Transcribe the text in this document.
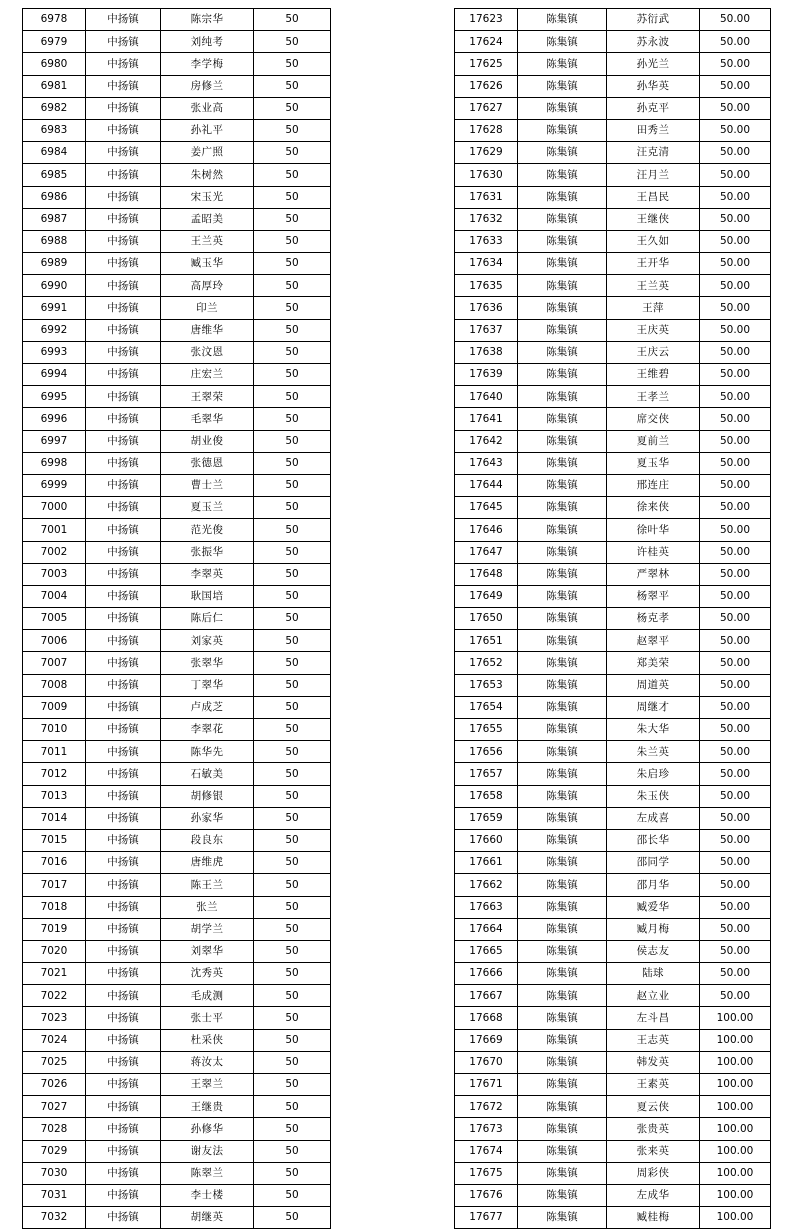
6978	中扬镇	陈宗华	50
6979	中扬镇	刘纯考	50
6980	中扬镇	李学梅	50
6981	中扬镇	房修兰	50
6982	中扬镇	张业高	50
6983	中扬镇	孙礼平	50
6984	中扬镇	姜广照	50
6985	中扬镇	朱树然	50
6986	中扬镇	宋玉光	50
6987	中扬镇	孟昭美	50
6988	中扬镇	王兰英	50
6989	中扬镇	臧玉华	50
6990	中扬镇	高厚玲	50
6991	中扬镇	印兰	50
6992	中扬镇	唐维华	50
6993	中扬镇	张汶恩	50
6994	中扬镇	庄宏兰	50
6995	中扬镇	王翠荣	50
6996	中扬镇	毛翠华	50
6997	中扬镇	胡业俊	50
6998	中扬镇	张德恩	50
6999	中扬镇	曹士兰	50
7000	中扬镇	夏玉兰	50
7001	中扬镇	范光俊	50
7002	中扬镇	张振华	50
7003	中扬镇	李翠英	50
7004	中扬镇	耿国培	50
7005	中扬镇	陈后仁	50
7006	中扬镇	刘家英	50
7007	中扬镇	张翠华	50
7008	中扬镇	丁翠华	50
7009	中扬镇	卢成芝	50
7010	中扬镇	李翠花	50
7011	中扬镇	陈华先	50
7012	中扬镇	石敏美	50
7013	中扬镇	胡修银	50
7014	中扬镇	孙家华	50
7015	中扬镇	段良东	50
7016	中扬镇	唐维虎	50
7017	中扬镇	陈王兰	50
7018	中扬镇	张兰	50
7019	中扬镇	胡学兰	50
7020	中扬镇	刘翠华	50
7021	中扬镇	沈秀英	50
7022	中扬镇	毛成测	50
7023	中扬镇	张士平	50
7024	中扬镇	杜采侠	50
7025	中扬镇	蒋汝太	50
7026	中扬镇	王翠兰	50
7027	中扬镇	王继贵	50
7028	中扬镇	孙修华	50
7029	中扬镇	谢友法	50
7030	中扬镇	陈翠兰	50
7031	中扬镇	李士楼	50
7032	中扬镇	胡继英	50
17623	陈集镇	苏衍武	50.00
17624	陈集镇	苏永波	50.00
17625	陈集镇	孙光兰	50.00
17626	陈集镇	孙华英	50.00
17627	陈集镇	孙克平	50.00
17628	陈集镇	田秀兰	50.00
17629	陈集镇	汪克清	50.00
17630	陈集镇	汪月兰	50.00
17631	陈集镇	王昌民	50.00
17632	陈集镇	王继侠	50.00
17633	陈集镇	王久如	50.00
17634	陈集镇	王开华	50.00
17635	陈集镇	王兰英	50.00
17636	陈集镇	王萍	50.00
17637	陈集镇	王庆英	50.00
17638	陈集镇	王庆云	50.00
17639	陈集镇	王维碧	50.00
17640	陈集镇	王孝兰	50.00
17641	陈集镇	席交侠	50.00
17642	陈集镇	夏前兰	50.00
17643	陈集镇	夏玉华	50.00
17644	陈集镇	邢连庄	50.00
17645	陈集镇	徐来侠	50.00
17646	陈集镇	徐叶华	50.00
17647	陈集镇	许桂英	50.00
17648	陈集镇	严翠林	50.00
17649	陈集镇	杨翠平	50.00
17650	陈集镇	杨克孝	50.00
17651	陈集镇	赵翠平	50.00
17652	陈集镇	郑美荣	50.00
17653	陈集镇	周道英	50.00
17654	陈集镇	周继才	50.00
17655	陈集镇	朱大华	50.00
17656	陈集镇	朱兰英	50.00
17657	陈集镇	朱启珍	50.00
17658	陈集镇	朱玉侠	50.00
17659	陈集镇	左成喜	50.00
17660	陈集镇	邵长华	50.00
17661	陈集镇	邵同学	50.00
17662	陈集镇	邵月华	50.00
17663	陈集镇	臧爱华	50.00
17664	陈集镇	臧月梅	50.00
17665	陈集镇	侯志友	50.00
17666	陈集镇	陆球	50.00
17667	陈集镇	赵立业	50.00
17668	陈集镇	左斗昌	100.00
17669	陈集镇	王志英	100.00
17670	陈集镇	韩发英	100.00
17671	陈集镇	王素英	100.00
17672	陈集镇	夏云侠	100.00
17673	陈集镇	张贵英	100.00
17674	陈集镇	张来英	100.00
17675	陈集镇	周彩侠	100.00
17676	陈集镇	左成华	100.00
17677	陈集镇	臧桂梅	100.00
